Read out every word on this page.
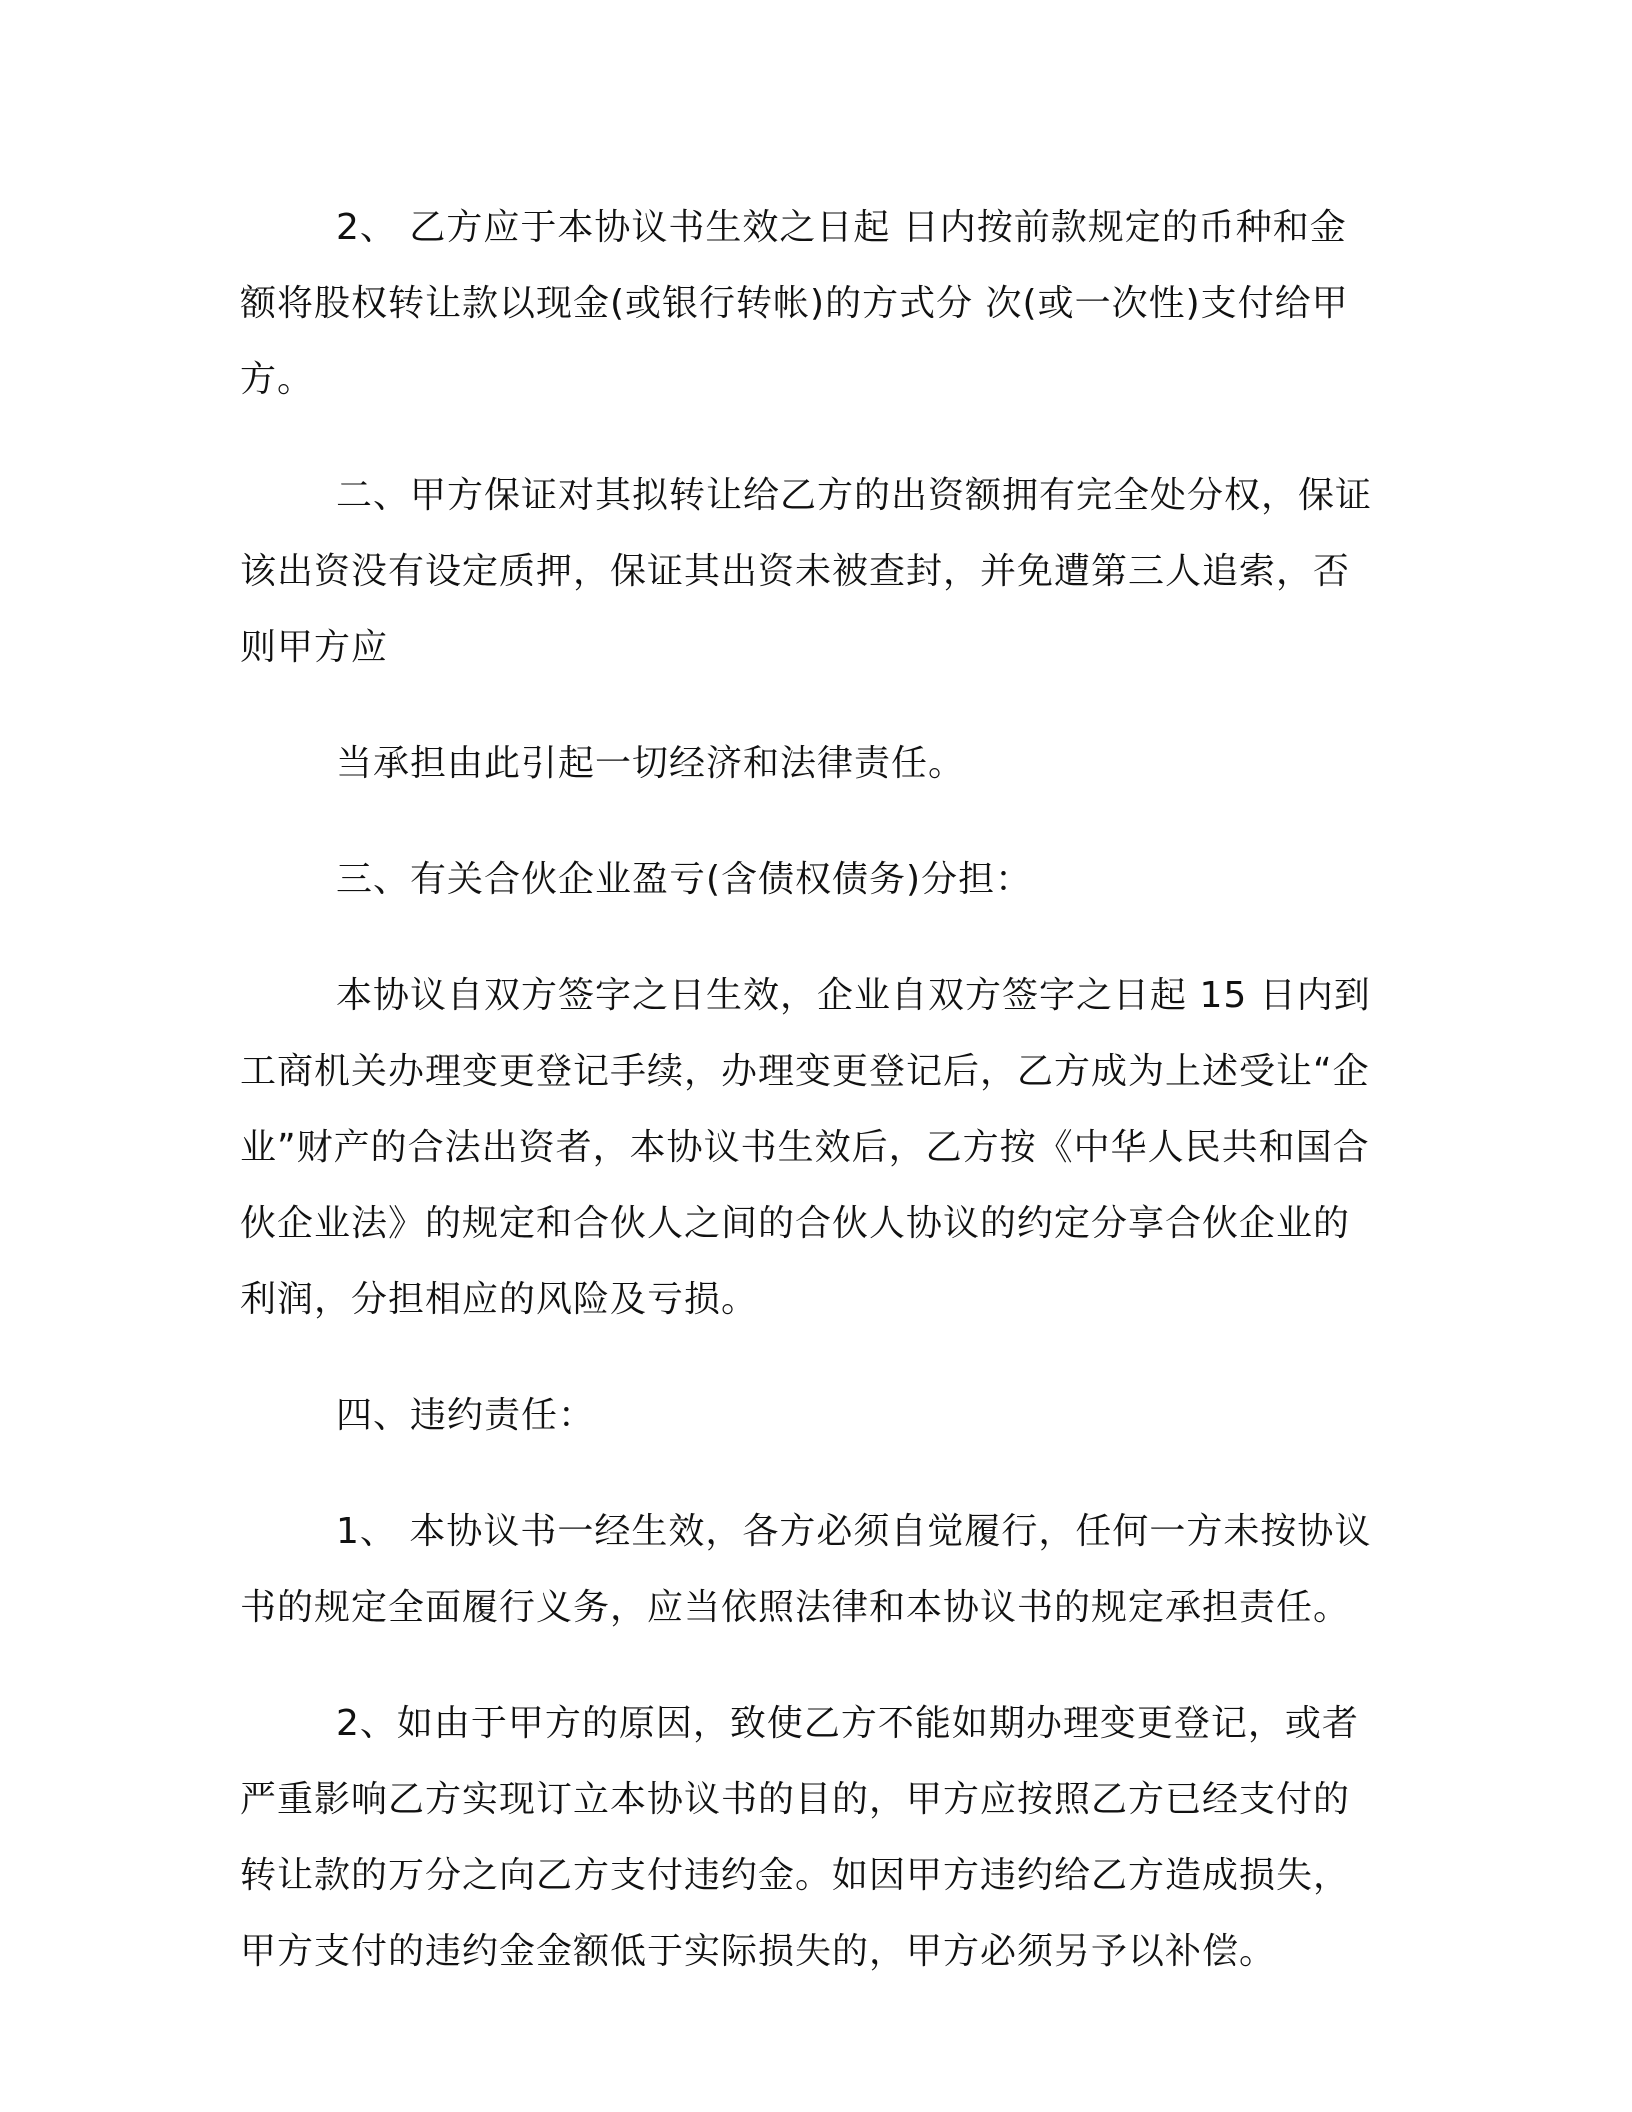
2、 乙方应于本协议书生效之日起 日内按前款规定的币种和金额将股权转让款以现金(或银行转帐)的方式分 次(或一次性)支付给甲方。

二、甲方保证对其拟转让给乙方的出资额拥有完全处分权，保证该出资没有设定质押，保证其出资未被查封，并免遭第三人追索，否则甲方应

当承担由此引起一切经济和法律责任。

三、有关合伙企业盈亏(含债权债务)分担：

本协议自双方签字之日生效，企业自双方签字之日起 15 日内到工商机关办理变更登记手续，办理变更登记后，乙方成为上述受让“企业”财产的合法出资者，本协议书生效后，乙方按《中华人民共和国合伙企业法》的规定和合伙人之间的合伙人协议的约定分享合伙企业的利润，分担相应的风险及亏损。

四、违约责任：

1、 本协议书一经生效，各方必须自觉履行，任何一方未按协议书的规定全面履行义务，应当依照法律和本协议书的规定承担责任。

2、如由于甲方的原因，致使乙方不能如期办理变更登记，或者严重影响乙方实现订立本协议书的目的，甲方应按照乙方已经支付的转让款的万分之向乙方支付违约金。如因甲方违约给乙方造成损失，甲方支付的违约金金额低于实际损失的，甲方必须另予以补偿。
